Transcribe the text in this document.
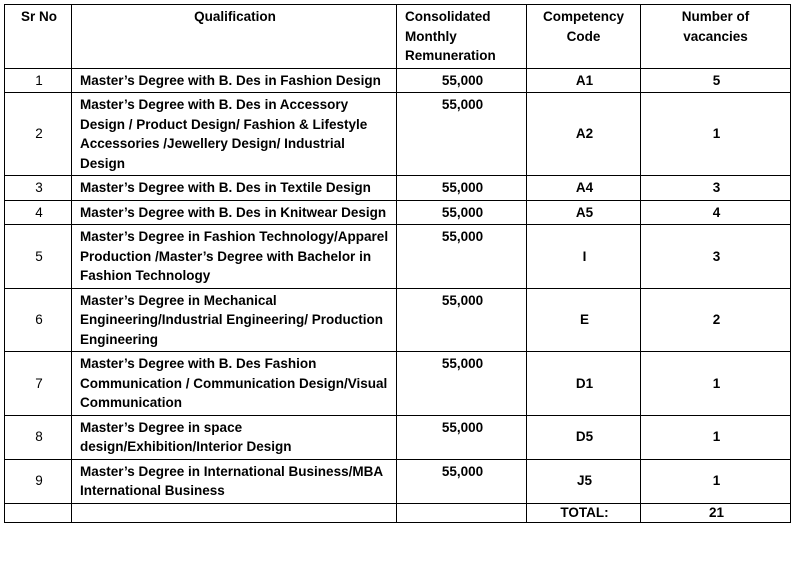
Sr No	Qualification	Consolidated Monthly Remuneration	Competency Code	Number of vacancies
1	Master’s Degree with B. Des in Fashion Design	55,000	A1	5
2	Master’s Degree with B. Des in Accessory Design / Product Design/ Fashion & Lifestyle Accessories /Jewellery Design/ Industrial Design	55,000	A2	1
3	Master’s Degree with B. Des in Textile Design	55,000	A4	3
4	Master’s Degree with B. Des in Knitwear Design	55,000	A5	4
5	Master’s Degree in Fashion Technology/Apparel Production /Master’s Degree with Bachelor in Fashion Technology	55,000	I	3
6	Master’s Degree in Mechanical Engineering/Industrial Engineering/ Production Engineering	55,000	E	2
7	Master’s Degree with B. Des Fashion Communication / Communication Design/Visual Communication	55,000	D1	1
8	Master’s Degree in space design/Exhibition/Interior Design	55,000	D5	1
9	Master’s Degree in International Business/MBA International Business	55,000	J5	1
			TOTAL:	21
